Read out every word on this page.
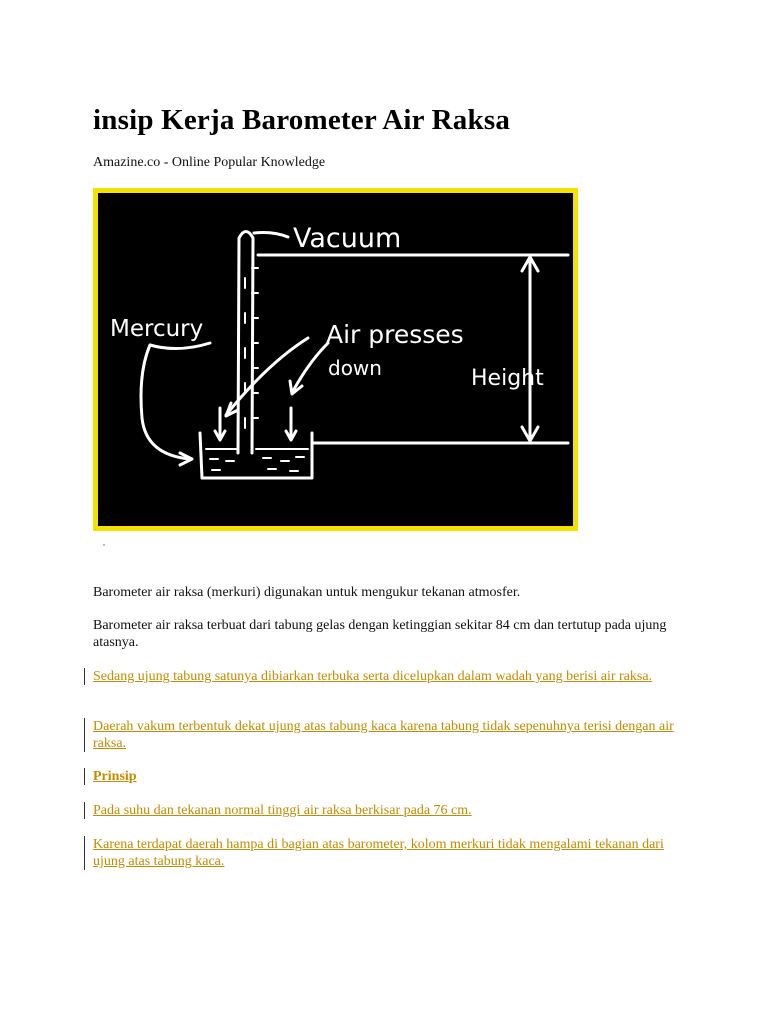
insip Kerja Barometer Air Raksa
Amazine.co - Online Popular Knowledge
Vacuum
Mercury	Air presses
down	Height

Barometer air raksa (merkuri) digunakan untuk mengukur tekanan atmosfer.

Barometer air raksa terbuat dari tabung gelas dengan ketinggian sekitar 84 cm dan tertutup pada ujung atasnya.

Sedang ujung tabung satunya dibiarkan terbuka serta dicelupkan dalam wadah yang berisi air raksa.
Daerah vakum terbentuk dekat ujung atas tabung kaca karena tabung tidak sepenuhnya terisi dengan air raksa.
Prinsip
Pada suhu dan tekanan normal tinggi air raksa berkisar pada 76 cm.
Karena terdapat daerah hampa di bagian atas barometer, kolom merkuri tidak mengalami tekanan dari ujung atas tabung kaca.
